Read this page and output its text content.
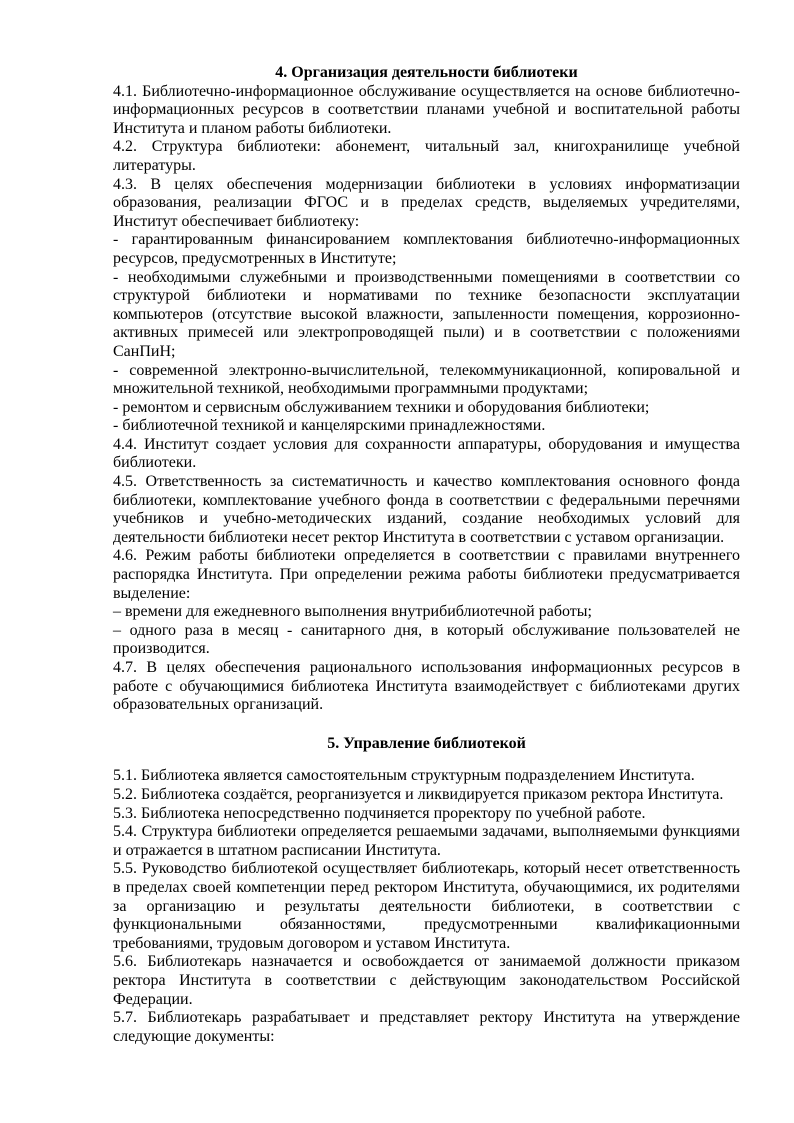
4. Организация деятельности библиотеки

4.1. Библиотечно-информационное обслуживание осуществляется на основе библиотечно-информационных ресурсов в соответствии планами учебной и воспитательной работы Института и планом работы библиотеки.

4.2. Структура библиотеки: абонемент, читальный зал, книгохранилище учебной литературы.

4.3. В целях обеспечения модернизации библиотеки в условиях информатизации образования, реализации ФГОС и в пределах средств, выделяемых учредителями, Институт обеспечивает библиотеку:

- гарантированным финансированием комплектования библиотечно-информационных ресурсов, предусмотренных в Институте;

- необходимыми служебными и производственными помещениями в соответствии со структурой библиотеки и нормативами по технике безопасности эксплуатации компьютеров (отсутствие высокой влажности, запыленности помещения, коррозионно-активных примесей или электропроводящей пыли) и в соответствии с положениями СанПиН;

- современной электронно-вычислительной, телекоммуникационной, копировальной и множительной техникой, необходимыми программными продуктами;

- ремонтом и сервисным обслуживанием техники и оборудования библиотеки;

- библиотечной техникой и канцелярскими принадлежностями.

4.4. Институт создает условия для сохранности аппаратуры, оборудования и имущества библиотеки.

4.5. Ответственность за систематичность и качество комплектования основного фонда библиотеки, комплектование учебного фонда в соответствии с федеральными перечнями учебников и учебно-методических изданий, создание необходимых условий для деятельности библиотеки несет ректор Института в соответствии с уставом организации.

4.6. Режим работы библиотеки определяется в соответствии с правилами внутреннего распорядка Института. При определении режима работы библиотеки предусматривается выделение:

– времени для ежедневного выполнения внутрибиблиотечной работы;

– одного раза в месяц - санитарного дня, в который обслуживание пользователей не производится.

4.7. В целях обеспечения рационального использования информационных ресурсов в работе с обучающимися библиотека Института взаимодействует с библиотеками других образовательных организаций.

5. Управление библиотекой

5.1. Библиотека является самостоятельным структурным подразделением Института.

5.2. Библиотека создаётся, реорганизуется и ликвидируется приказом ректора Института.

5.3. Библиотека непосредственно подчиняется проректору по учебной работе.

5.4. Структура библиотеки определяется решаемыми задачами, выполняемыми функциями и отражается в штатном расписании Института.

5.5. Руководство библиотекой осуществляет библиотекарь, который несет ответственность в пределах своей компетенции перед ректором Института, обучающимися, их родителями за организацию и результаты деятельности библиотеки, в соответствии с функциональными обязанностями, предусмотренными квалификационными требованиями, трудовым договором и уставом Института.

5.6. Библиотекарь назначается и освобождается от занимаемой должности приказом ректора Института в соответствии с действующим законодательством Российской Федерации.

5.7. Библиотекарь разрабатывает и представляет ректору Института на утверждение следующие документы:
